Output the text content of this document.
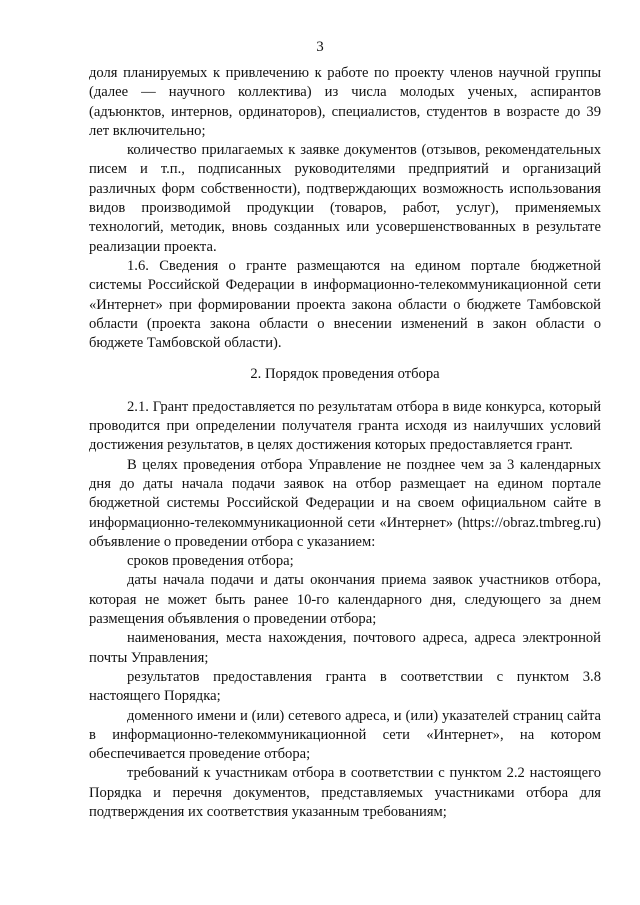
3

доля планируемых к привлечению к работе по проекту членов научной группы (далее — научного коллектива) из числа молодых ученых, аспирантов (адъюнктов, интернов, ординаторов), специалистов, студентов в возрасте до 39 лет включительно;

количество прилагаемых к заявке документов (отзывов, рекомендательных писем и т.п., подписанных руководителями предприятий и организаций различных форм собственности), подтверждающих возможность использования видов производимой продукции (товаров, работ, услуг), применяемых технологий, методик, вновь созданных или усовершенствованных в результате реализации проекта.

1.6. Сведения о гранте размещаются на едином портале бюджетной системы Российской Федерации в информационно-телекоммуникационной сети «Интернет» при формировании проекта закона области о бюджете Тамбовской области (проекта закона области о внесении изменений в закон области о бюджете Тамбовской области).

2. Порядок проведения отбора

2.1. Грант предоставляется по результатам отбора в виде конкурса, который проводится при определении получателя гранта исходя из наилучших условий достижения результатов, в целях достижения которых предоставляется грант.

В целях проведения отбора Управление не позднее чем за 3 календарных дня до даты начала подачи заявок на отбор размещает на едином портале бюджетной системы Российской Федерации и на своем официальном сайте в информационно-телекоммуникационной сети «Интернет» (https://obraz.tmbreg.ru) объявление о проведении отбора с указанием:

сроков проведения отбора;

даты начала подачи и даты окончания приема заявок участников отбора, которая не может быть ранее 10-го календарного дня, следующего за днем размещения объявления о проведении отбора;

наименования, места нахождения, почтового адреса, адреса электронной почты Управления;

результатов предоставления гранта в соответствии с пунктом 3.8 настоящего Порядка;

доменного имени и (или) сетевого адреса, и (или) указателей страниц сайта в информационно-телекоммуникационной сети «Интернет», на котором обеспечивается проведение отбора;

требований к участникам отбора в соответствии с пунктом 2.2 настоящего Порядка и перечня документов, представляемых участниками отбора для подтверждения их соответствия указанным требованиям;
